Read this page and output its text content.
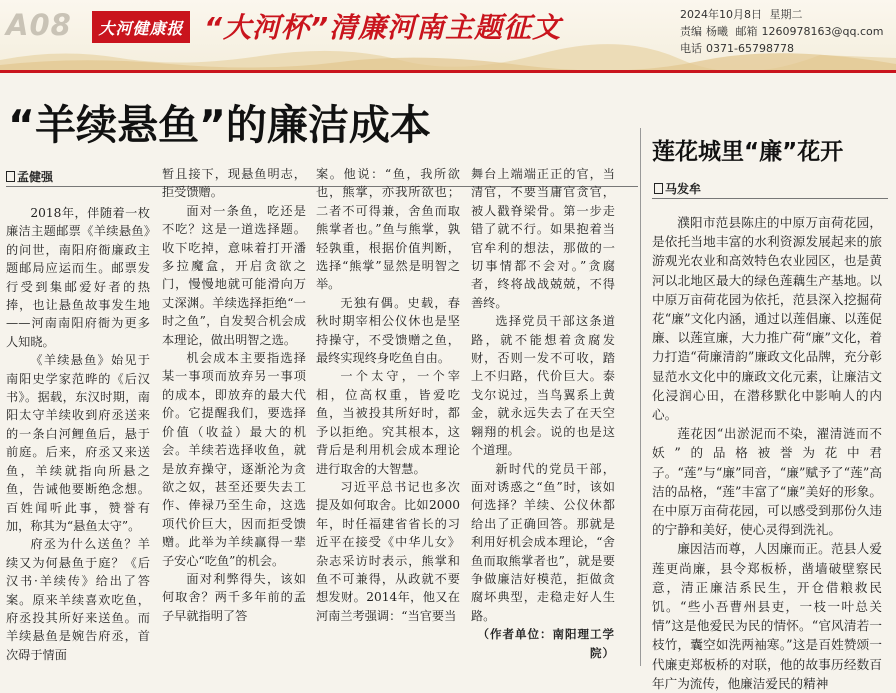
A08	大河健康报 “大河杯”清廉河南主题征文	2024年10月8日 星期二
责编 杨曦 邮箱 1260978163@qq.com
电话 0371-65798778
“羊续悬鱼”的廉洁成本
孟健强

2018年，伴随着一枚廉洁主题邮票《羊续悬鱼》的问世，南阳府衙廉政主题邮局应运而生。邮票发行受到集邮爱好者的热捧，也让悬鱼故事发生地——河南南阳府衙为更多人知晓。

《羊续悬鱼》始见于南阳史学家范晔的《后汉书》。据载，东汉时期，南阳太守羊续收到府丞送来的一条白河鲤鱼后，悬于前庭。后来，府丞又来送鱼，羊续就指向所悬之鱼，告诫他要断绝念想。百姓闻听此事，赞誉有加，称其为“悬鱼太守”。

府丞为什么送鱼？羊续又为何悬鱼于庭？《后汉书·羊续传》给出了答案。原来羊续喜欢吃鱼，府丞投其所好来送鱼。而羊续悬鱼是婉告府丞，首次碍于情面

暂且接下，现悬鱼明志，拒受馈赠。

面对一条鱼，吃还是不吃？这是一道选择题。收下吃掉，意味着打开潘多拉魔盒，开启贪欲之门，慢慢地就可能滑向万丈深渊。羊续选择拒绝“一时之鱼”，自发契合机会成本理论，做出明智之选。

机会成本主要指选择某一事项而放弃另一事项的成本，即放弃的最大代价。它提醒我们，要选择价值（收益）最大的机会。羊续若选择收鱼，就是放弃操守，逐渐沦为贪欲之奴，甚至还要失去工作、俸禄乃至生命，这选项代价巨大，因而拒受馈赠。此举为羊续赢得一辈子安心“吃鱼”的机会。

面对利弊得失，该如何取舍？两千多年前的孟子早就指明了答

案。他说：“鱼，我所欲也，熊掌，亦我所欲也；二者不可得兼，舍鱼而取熊掌者也。”鱼与熊掌，孰轻孰重，根据价值判断，选择“熊掌”显然是明智之举。

无独有偶。史载，春秋时期宰相公仪休也是坚持操守，不受馈赠之鱼，最终实现终身吃鱼自由。

一个太守，一个宰相，位高权重，皆爱吃鱼，当被投其所好时，都予以拒绝。究其根本，这背后是利用机会成本理论进行取舍的大智慧。

习近平总书记也多次提及如何取舍。比如2000年，时任福建省省长的习近平在接受《中华儿女》杂志采访时表示，熊掌和鱼不可兼得，从政就不要想发财。2014年，他又在河南兰考强调：“当官要当

舞台上端端正正的官，当清官，不要当庸官贪官，被人戳脊梁骨。第一步走错了就不行。如果抱着当官牟利的想法，那做的一切事情都不会对。”贪腐者，终将战战兢兢，不得善终。

选择党员干部这条道路，就不能想着贪腐发财，否则一发不可收，踏上不归路，代价巨大。泰戈尔说过，当鸟翼系上黄金，就永远失去了在天空翱翔的机会。说的也是这个道理。

新时代的党员干部，面对诱惑之“鱼”时，该如何选择？羊续、公仪休都给出了正确回答。那就是利用好机会成本理论，“舍鱼而取熊掌者也”，就是要争做廉洁好模范，拒做贪腐坏典型，走稳走好人生路。

（作者单位：南阳理工学院）

莲花城里“廉”花开
马发牟

濮阳市范县陈庄的中原万亩荷花园，是依托当地丰富的水利资源发展起来的旅游观光农业和高效特色农业园区，也是黄河以北地区最大的绿色莲藕生产基地。以中原万亩荷花园为依托，范县深入挖掘荷花“廉”文化内涵，通过以莲倡廉、以莲促廉、以莲宣廉，大力推广荷“廉”文化，着力打造“荷廉清韵”廉政文化品牌，充分彰显范水文化中的廉政文化元素，让廉洁文化浸润心田，在潜移默化中影响人的内心。

莲花因“出淤泥而不染，濯清涟而不妖”的品格被誉为花中君子。“莲”与“廉”同音，“廉”赋予了“莲”高洁的品格，“莲”丰富了“廉”美好的形象。在中原万亩荷花园，可以感受到那份久违的宁静和美好，使心灵得到洗礼。

廉因洁而尊，人因廉而正。范县人爱莲更尚廉，县令郑板桥，凿墙破壁察民意，清正廉洁系民生，开仓借粮救民饥。“些小吾曹州县吏，一枝一叶总关情”这是他爱民为民的情怀。“官风清若一枝竹，囊空如洗两袖寒。”这是百姓赞颂一代廉吏郑板桥的对联，他的故事历经数百年广为流传，他廉洁爱民的精神
